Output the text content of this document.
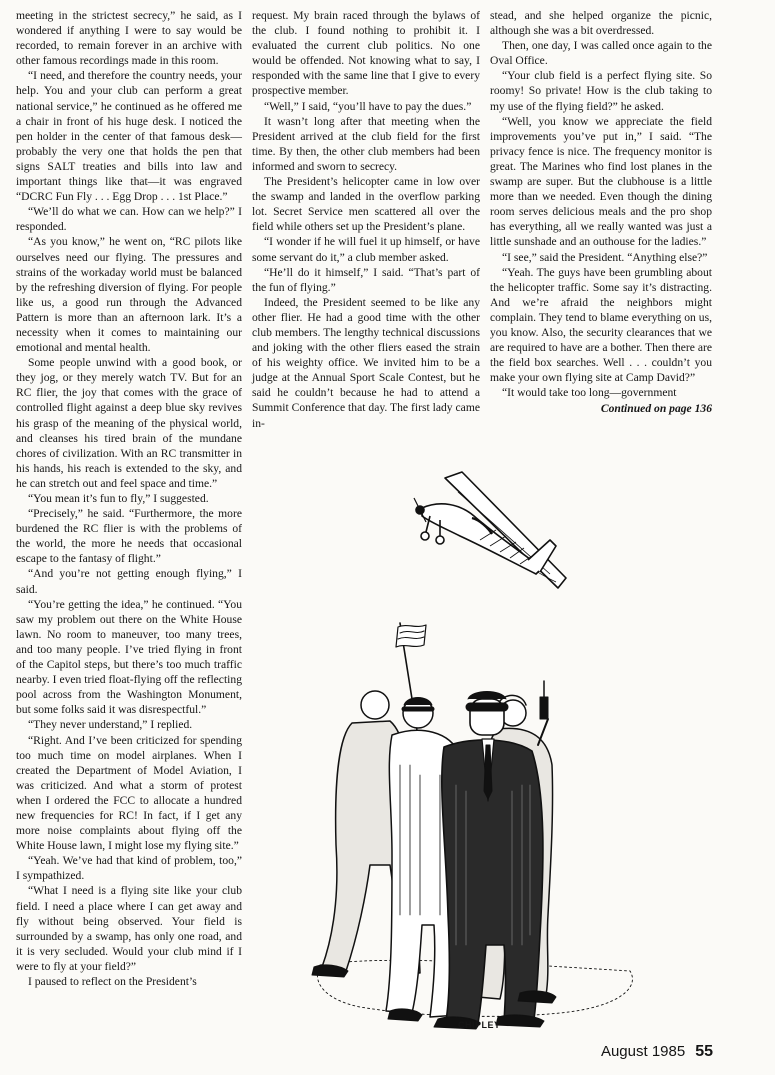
meeting in the strictest secrecy,” he said, as I wondered if anything I were to say would be recorded, to remain forever in an archive with other famous recordings made in this room.

“I need, and therefore the country needs, your help. You and your club can perform a great national service,” he continued as he offered me a chair in front of his huge desk. I noticed the pen holder in the center of that famous desk—probably the very one that holds the pen that signs SALT treaties and bills into law and important things like that—it was engraved “DCRC Fun Fly . . . Egg Drop . . . 1st Place.”

“We’ll do what we can. How can we help?” I responded.

“As you know,” he went on, “RC pilots like ourselves need our flying. The pressures and strains of the workaday world must be balanced by the refreshing diversion of flying. For people like us, a good run through the Advanced Pattern is more than an afternoon lark. It’s a necessity when it comes to maintaining our emotional and mental health.

Some people unwind with a good book, or they jog, or they merely watch TV. But for an RC flier, the joy that comes with the grace of controlled flight against a deep blue sky revives his grasp of the meaning of the physical world, and cleanses his tired brain of the mundane chores of civilization. With an RC transmitter in his hands, his reach is extended to the sky, and he can stretch out and feel space and time.”

“You mean it’s fun to fly,” I suggested.

“Precisely,” he said. “Furthermore, the more burdened the RC flier is with the problems of the world, the more he needs that occasional escape to the fantasy of flight.”

“And you’re not getting enough flying,” I said.

“You’re getting the idea,” he continued. “You saw my problem out there on the White House lawn. No room to maneuver, too many trees, and too many people. I’ve tried flying in front of the Capitol steps, but there’s too much traffic nearby. I even tried float-flying off the reflecting pool across from the Washington Monument, but some folks said it was disrespectful.”

“They never understand,” I replied.

“Right. And I’ve been criticized for spending too much time on model airplanes. When I created the Department of Model Aviation, I was criticized. And what a storm of protest when I ordered the FCC to allocate a hundred new frequencies for RC! In fact, if I get any more noise complaints about flying off the White House lawn, I might lose my flying site.”

“Yeah. We’ve had that kind of problem, too,” I sympathized.

“What I need is a flying site like your club field. I need a place where I can get away and fly without being observed. Your field is surrounded by a swamp, has only one road, and it is very secluded. Would your club mind if I were to fly at your field?”

I paused to reflect on the President’s

request. My brain raced through the bylaws of the club. I found nothing to prohibit it. I evaluated the current club politics. No one would be offended. Not knowing what to say, I responded with the same line that I give to every prospective member.

“Well,” I said, “you’ll have to pay the dues.”

It wasn’t long after that meeting when the President arrived at the club field for the first time. By then, the other club members had been informed and sworn to secrecy.

The President’s helicopter came in low over the swamp and landed in the overflow parking lot. Secret Service men scattered all over the field while others set up the President’s plane.

“I wonder if he will fuel it up himself, or have some servant do it,” a club member asked.

“He’ll do it himself,” I said. “That’s part of the fun of flying.”

Indeed, the President seemed to be like any other flier. He had a good time with the other club members. The lengthy technical discussions and joking with the other fliers eased the strain of his weighty office. We invited him to be a judge at the Annual Sport Scale Contest, but he said he couldn’t because he had to attend a Summit Conference that day. The first lady came in-

stead, and she helped organize the picnic, although she was a bit overdressed.

Then, one day, I was called once again to the Oval Office.

“Your club field is a perfect flying site. So roomy! So private! How is the club taking to my use of the flying field?” he asked.

“Well, you know we appreciate the field improvements you’ve put in,” I said. “The privacy fence is nice. The frequency monitor is great. The Marines who find lost planes in the swamp are super. But the clubhouse is a little more than we needed. Even though the dining room serves delicious meals and the pro shop has everything, all we really wanted was just a little sunshade and an outhouse for the ladies.”

“I see,” said the President. “Anything else?”

“Yeah. The guys have been grumbling about the helicopter traffic. Some say it’s distracting. And we’re afraid the neighbors might complain. They tend to blame everything on us, you know. Also, the security clearances that we are required to have are a bother. Then there are the field box searches. Well . . . couldn’t you make your own flying site at Camp David?”

“It would take too long—government

Continued on page 136
CHIPLEY
August 1985 55
